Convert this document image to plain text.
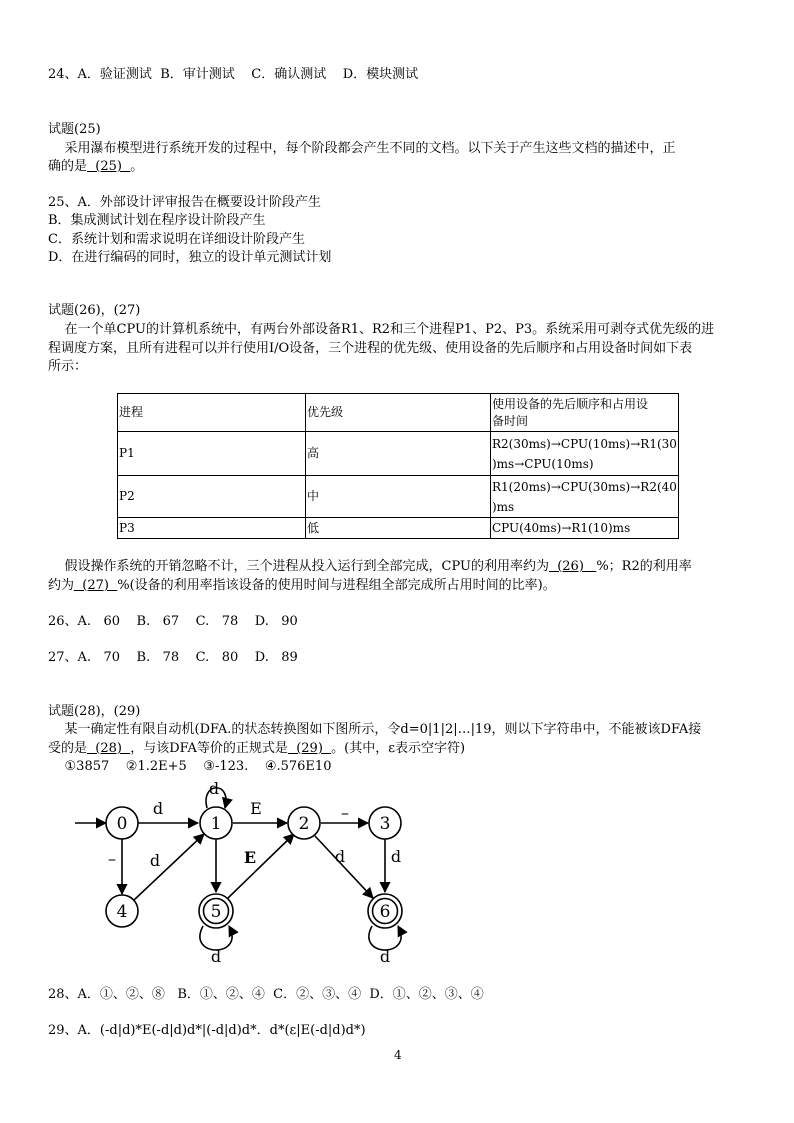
24、A．验证测试  B．审计测试    C．确认测试    D．模块测试
试题(25)
采用瀑布模型进行系统开发的过程中，每个阶段都会产生不同的文档。以下关于产生这些文档的描述中，正
确的是  (25)  。
25、A．外部设计评审报告在概要设计阶段产生
B．集成测试计划在程序设计阶段产生
C．系统计划和需求说明在详细设计阶段产生
D．在进行编码的同时，独立的设计单元测试计划
试题(26)，(27)
在一个单CPU的计算机系统中，有两台外部设备R1、R2和三个进程P1、P2、P3。系统采用可剥夺式优先级的进
程调度方案，且所有进程可以并行使用I/O设备，三个进程的优先级、使用设备的先后顺序和占用设备时间如下表
所示：
进程	优先级	使用设备的先后顺序和占用设
备时间

P1	高	R2(30ms)→CPU(10ms)→R1(30
)ms→CPU(10ms)

P2	中	R1(20ms)→CPU(30ms)→R2(40
)ms

P3	低	CPU(40ms)→R1(10)ms
假设操作系统的开销忽略不计，三个进程从投入运行到全部完成，CPU的利用率约为  (26)   %；R2的利用率
约为  (27)  %(设备的利用率指该设备的使用时间与进程组全部完成所占用时间的比率)。
26、A.   60    B.   67    C.   78    D.   90
27、A.   70    B.   78    C.   80    D.   89
试题(28)，(29)
某一确定性有限自动机(DFA.的状态转换图如下图所示，令d=0|1|2|…|19，则以下字符串中，不能被该DFA接
受的是  (28)  ，与该DFA等价的正规式是  (29)  。(其中，ε表示空字符)
①3857    ②1.2E+5    ③-123.    ④.576E10
0	1	2	3
4	5	6
d
d
E	–
– d	E	d	d
d	d
28、A．①、②、⑧   B．①、②、④  C．②、③、④  D．①、②、③、④
29、A．(-d|d)*E(-d|d)d*|(-d|d)d*．d*(ε|E(-d|d)d*)
4
